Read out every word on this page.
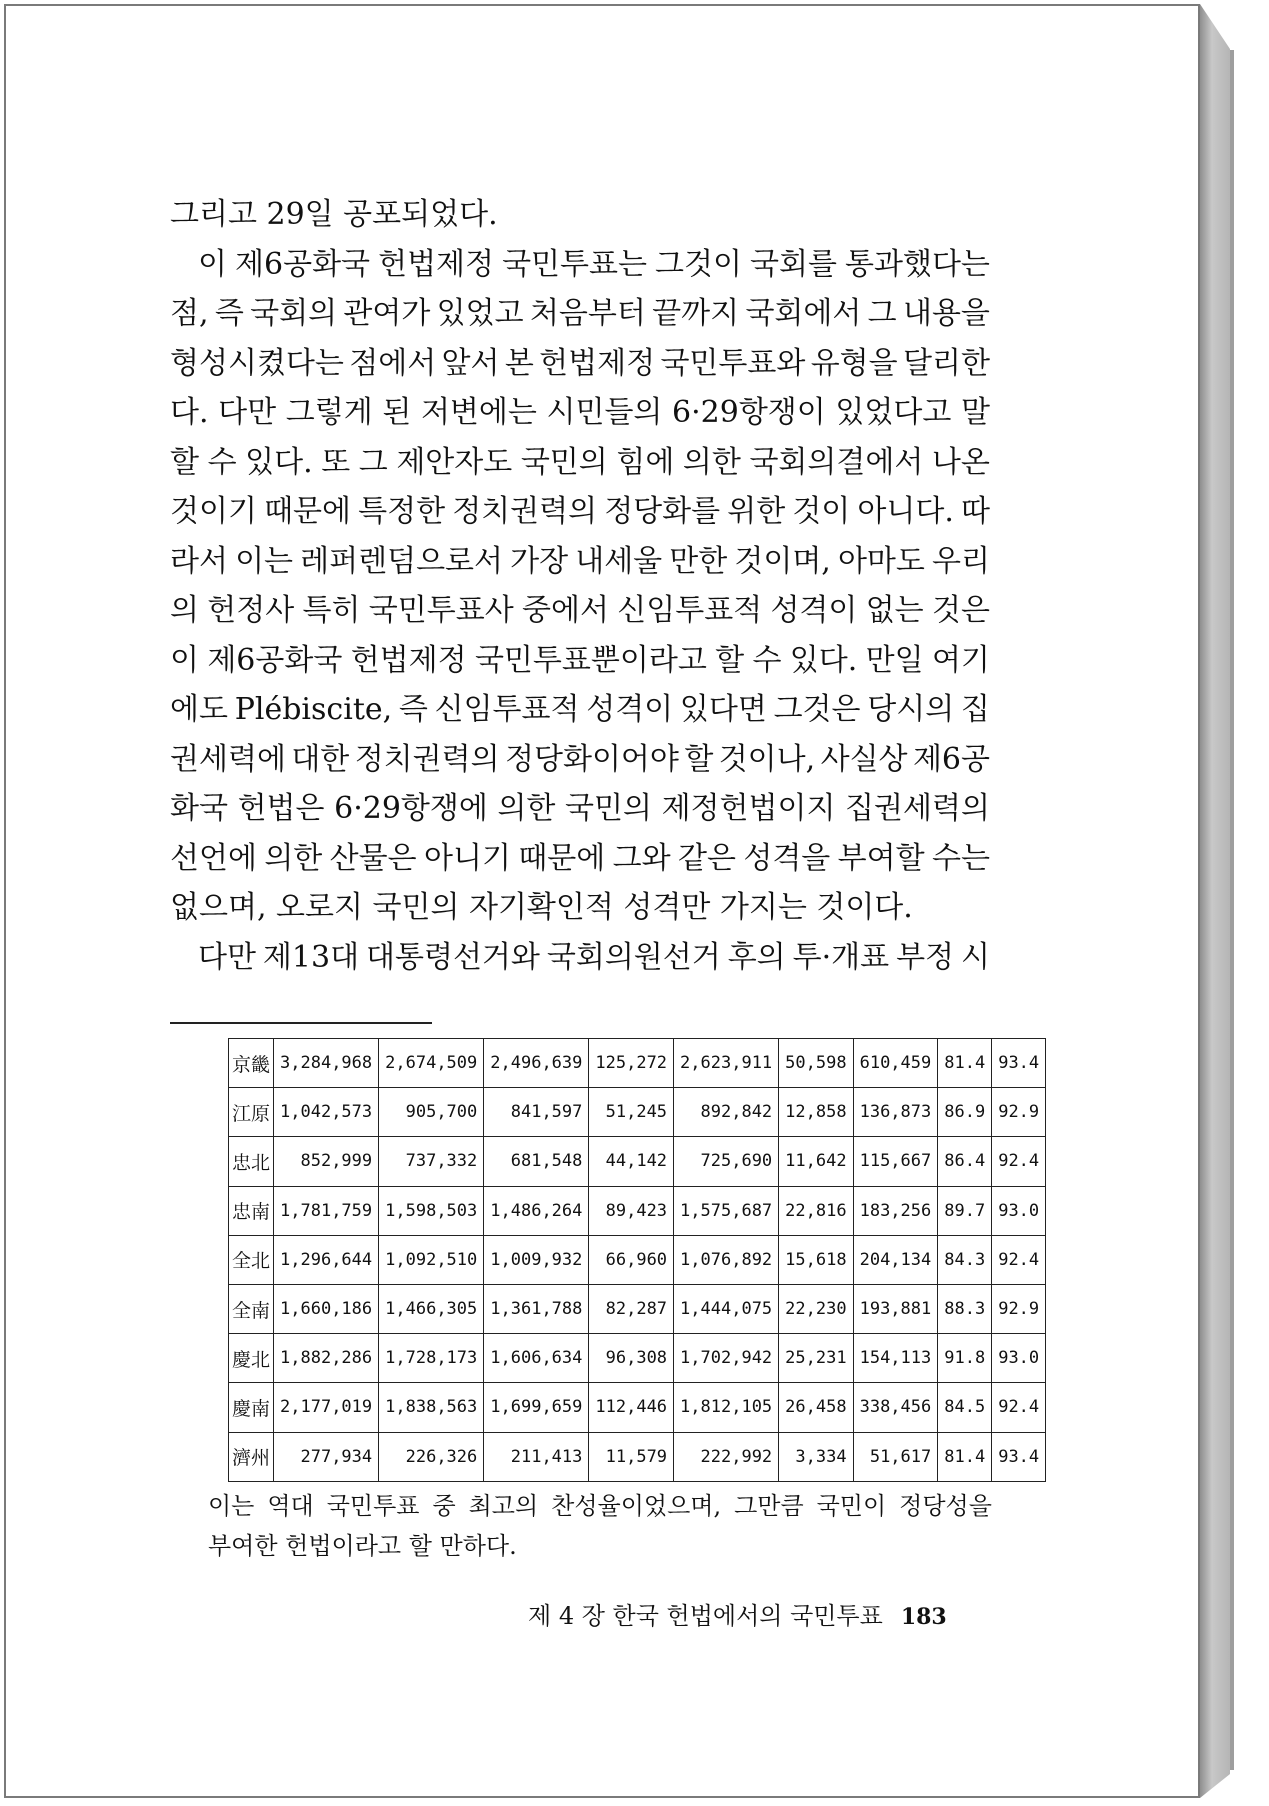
그리고 29일 공포되었다.
이 제6공화국 헌법제정 국민투표는 그것이 국회를 통과했다는
점, 즉 국회의 관여가 있었고 처음부터 끝까지 국회에서 그 내용을
형성시켰다는 점에서 앞서 본 헌법제정 국민투표와 유형을 달리한
다. 다만 그렇게 된 저변에는 시민들의 6·29항쟁이 있었다고 말
할 수 있다. 또 그 제안자도 국민의 힘에 의한 국회의결에서 나온
것이기 때문에 특정한 정치권력의 정당화를 위한 것이 아니다. 따
라서 이는 레퍼렌덤으로서 가장 내세울 만한 것이며, 아마도 우리
의 헌정사 특히 국민투표사 중에서 신임투표적 성격이 없는 것은
이 제6공화국 헌법제정 국민투표뿐이라고 할 수 있다. 만일 여기
에도 Plébiscite, 즉 신임투표적 성격이 있다면 그것은 당시의 집
권세력에 대한 정치권력의 정당화이어야 할 것이나, 사실상 제6공
화국 헌법은 6·29항쟁에 의한 국민의 제정헌법이지 집권세력의
선언에 의한 산물은 아니기 때문에 그와 같은 성격을 부여할 수는
없으며, 오로지 국민의 자기확인적 성격만 가지는 것이다.
다만 제13대 대통령선거와 국회의원선거 후의 투·개표 부정 시
京畿	3,284,968	2,674,509	2,496,639	125,272	2,623,911	50,598	610,459	81.4	93.4
江原	1,042,573	905,700	841,597	51,245	892,842	12,858	136,873	86.9	92.9
忠北	852,999	737,332	681,548	44,142	725,690	11,642	115,667	86.4	92.4
忠南	1,781,759	1,598,503	1,486,264	89,423	1,575,687	22,816	183,256	89.7	93.0
全北	1,296,644	1,092,510	1,009,932	66,960	1,076,892	15,618	204,134	84.3	92.4
全南	1,660,186	1,466,305	1,361,788	82,287	1,444,075	22,230	193,881	88.3	92.9
慶北	1,882,286	1,728,173	1,606,634	96,308	1,702,942	25,231	154,113	91.8	93.0
慶南	2,177,019	1,838,563	1,699,659	112,446	1,812,105	26,458	338,456	84.5	92.4
濟州	277,934	226,326	211,413	11,579	222,992	3,334	51,617	81.4	93.4
이는 역대 국민투표 중 최고의 찬성율이었으며, 그만큼 국민이 정당성을
부여한 헌법이라고 할 만하다.
제 4 장 한국 헌법에서의 국민투표 183
